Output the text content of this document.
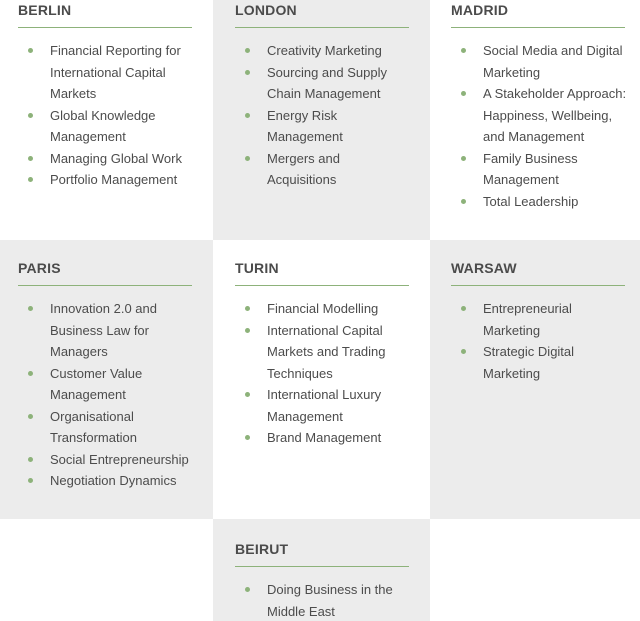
BERLIN
Financial Reporting for International Capital Markets
Global Knowledge Management
Managing Global Work
Portfolio Management
LONDON
Creativity Marketing
Sourcing and Supply Chain Management
Energy Risk Management
Mergers and Acquisitions
MADRID
Social Media and Digital Marketing
A Stakeholder Approach: Happiness, Wellbeing, and Management
Family Business Management
Total Leadership
PARIS
Innovation 2.0 and Business Law for Managers
Customer Value Management
Organisational Transformation
Social Entrepreneurship
Negotiation Dynamics
TURIN
Financial Modelling
International Capital Markets and Trading Techniques
International Luxury Management
Brand Management
WARSAW
Entrepreneurial Marketing
Strategic Digital Marketing
BEIRUT
Doing Business in the Middle East
